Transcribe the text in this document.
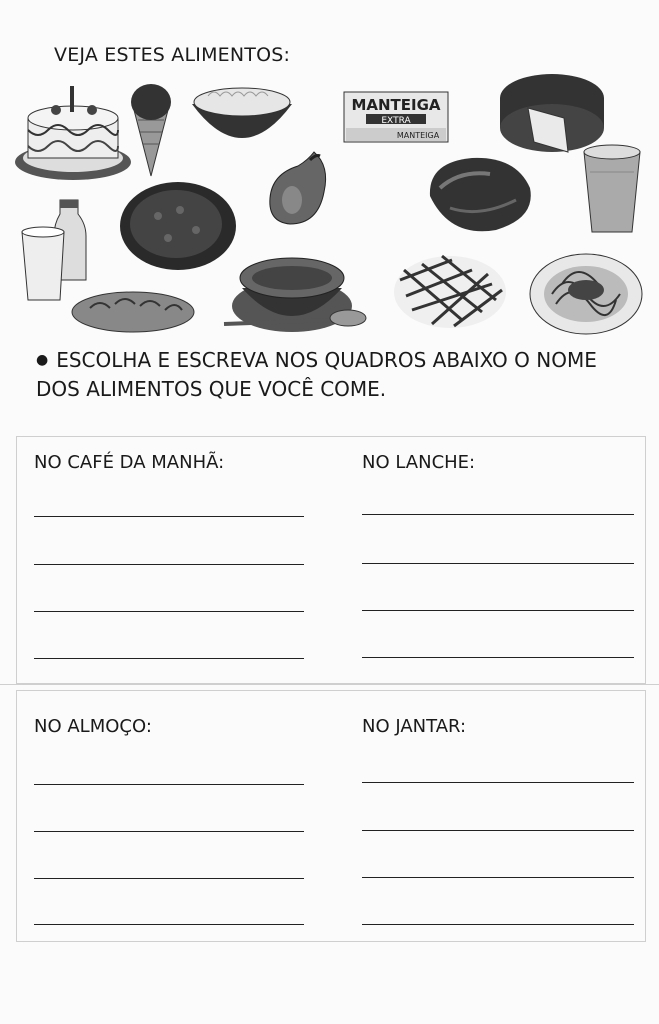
VEJA ESTES ALIMENTOS:
MANTEIGA
EXTRA
MANTEIGA

● ESCOLHA E ESCREVA NOS QUADROS ABAIXO O NOME
DOS ALIMENTOS QUE VOCÊ COME.

NO CAFÉ DA MANHÃ:	NO LANCHE:
NO ALMOÇO:	NO JANTAR:
